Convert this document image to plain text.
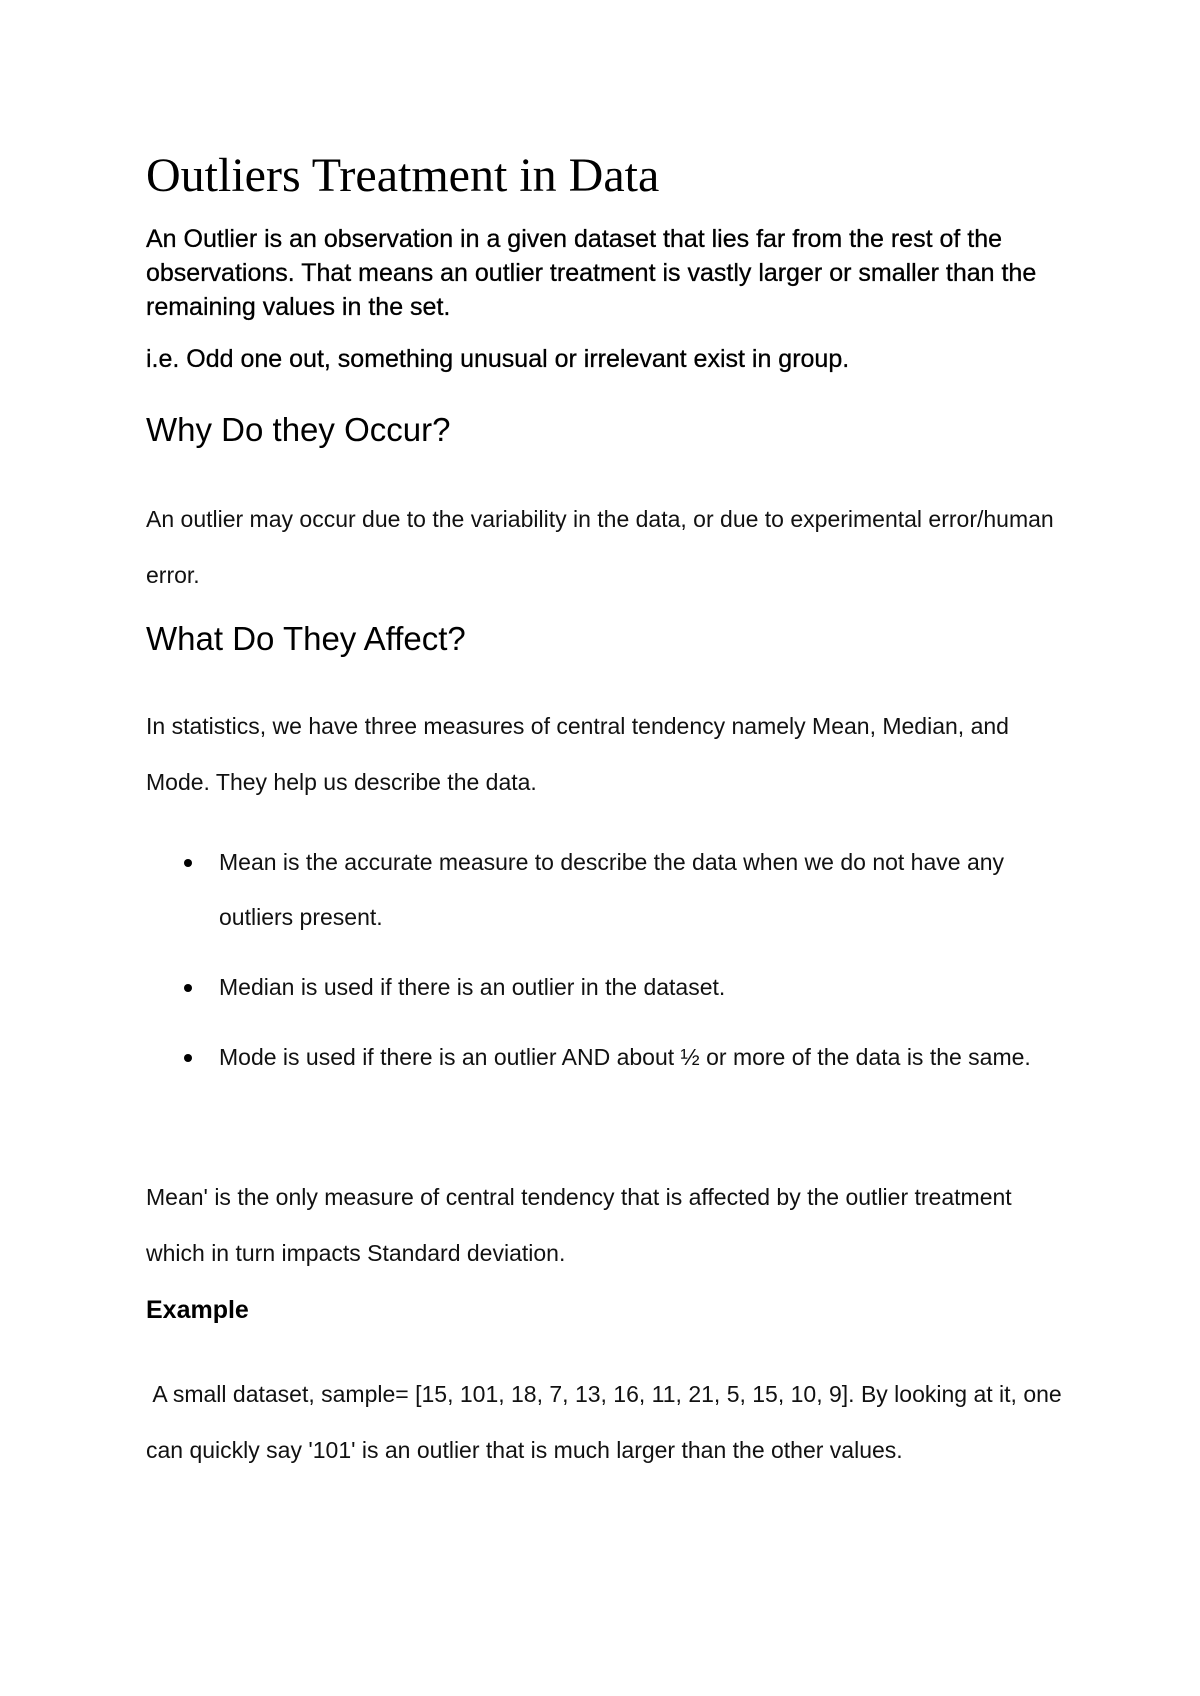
Outliers Treatment in Data

An Outlier is an observation in a given dataset that lies far from the rest of the observations. That means an outlier treatment is vastly larger or smaller than the remaining values in the set.

i.e. Odd one out, something unusual or irrelevant exist in group.

Why Do they Occur?

An outlier may occur due to the variability in the data, or due to experimental error/human error.

What Do They Affect?

In statistics, we have three measures of central tendency namely Mean, Median, and Mode. They help us describe the data.

Mean is the accurate measure to describe the data when we do not have any outliers present.
Median is used if there is an outlier in the dataset.
Mode is used if there is an outlier AND about ½ or more of the data is the same.

Mean' is the only measure of central tendency that is affected by the outlier treatment which in turn impacts Standard deviation.

Example

A small dataset, sample= [15, 101, 18, 7, 13, 16, 11, 21, 5, 15, 10, 9]. By looking at it, one can quickly say '101' is an outlier that is much larger than the other values.
